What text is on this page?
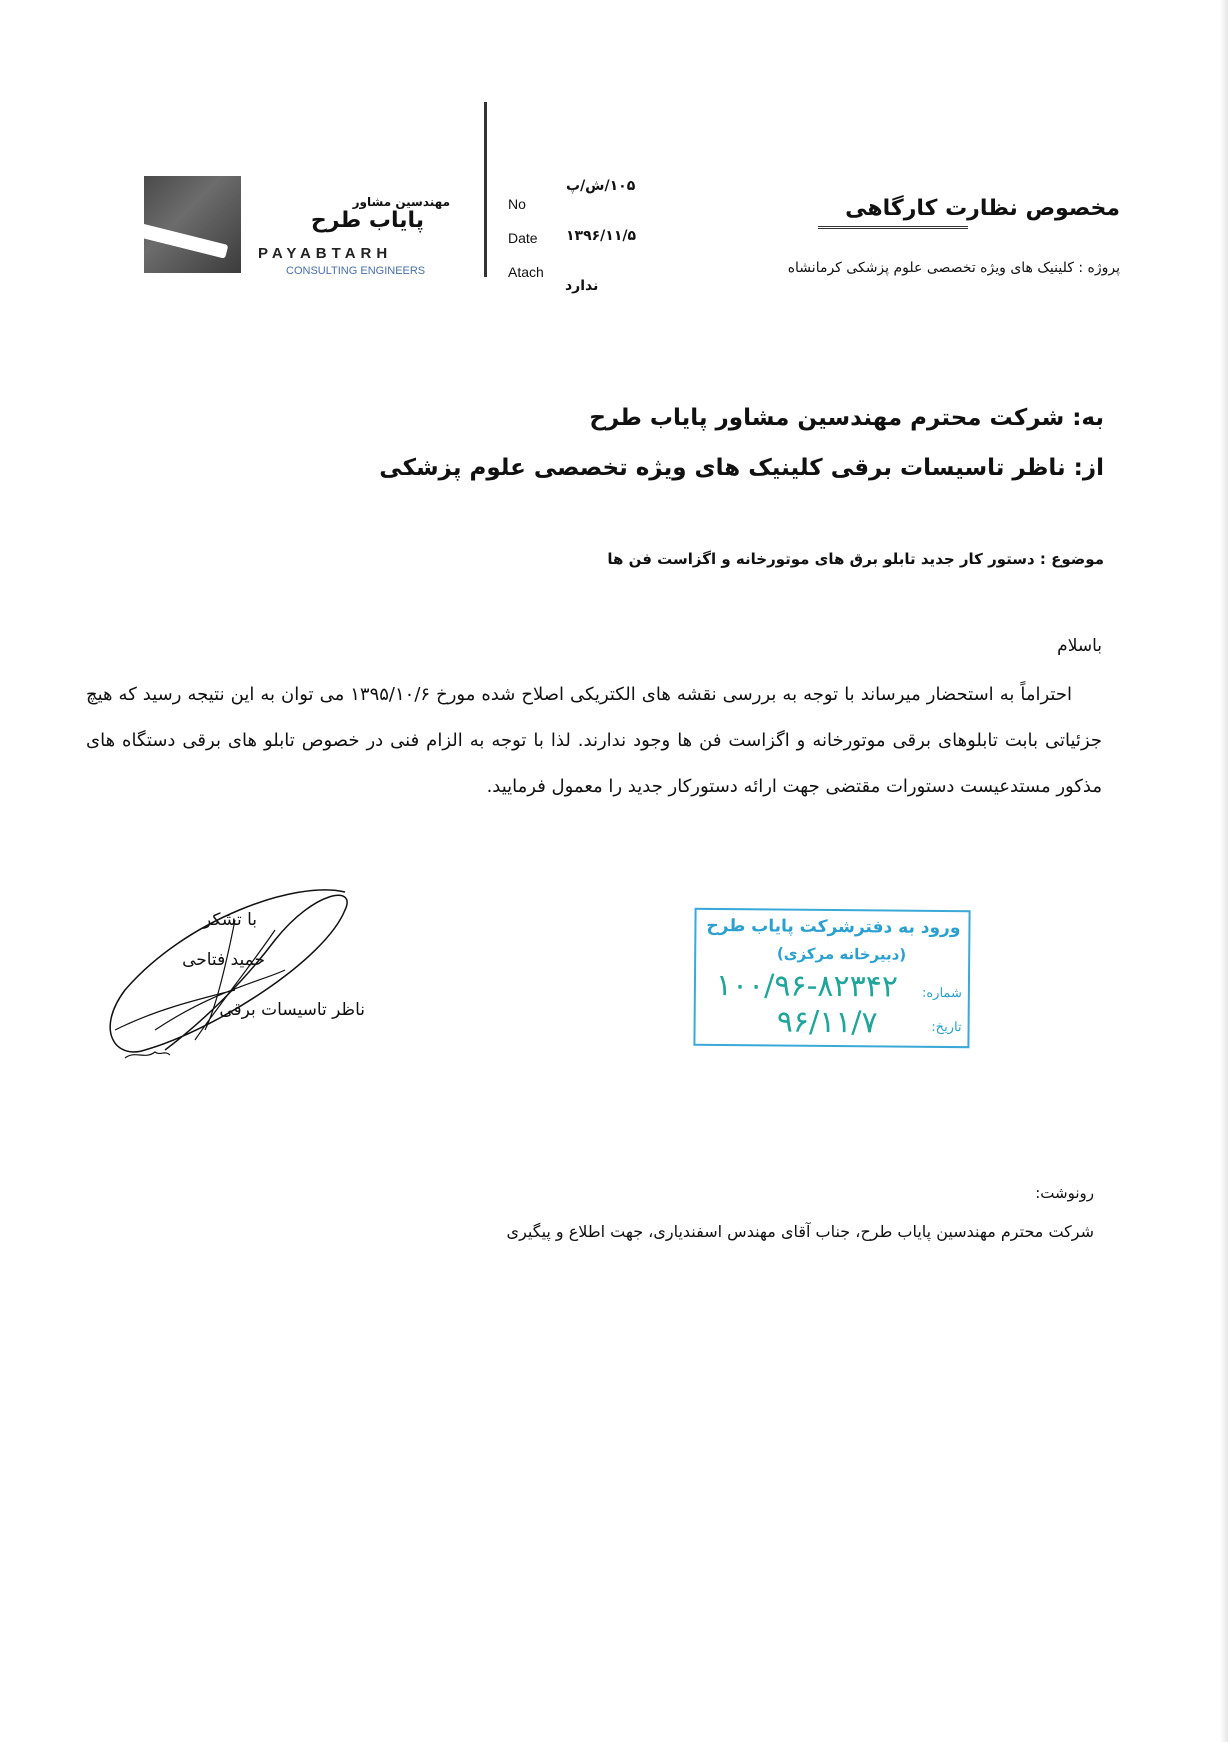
مهندسین مشاور
پایاب طرح
PAYABTARH
CONSULTING ENGINEERS
No
۱۰۵/ش/پ
Date ۱۳۹۶/۱۱/۵
Atach
ندارد
مخصوص نظارت کارگاهی
پروژه : کلینیک های ویژه تخصصی علوم پزشکی کرمانشاه
به: شرکت محترم مهندسین مشاور پایاب طرح
از: ناظر تاسیسات برقی کلینیک های ویژه تخصصی علوم پزشکی
موضوع : دستور کار جدید تابلو برق های موتورخانه و اگزاست فن ها
باسلام
احتراماً به استحضار میرساند با توجه به بررسی نقشه های الکتریکی اصلاح شده مورخ ۱۳۹۵/۱۰/۶ می توان به این نتیجه رسید که هیچ جزئیاتی بابت تابلوهای برقی موتورخانه و اگزاست فن ها وجود ندارند. لذا با توجه به الزام فنی در خصوص تابلو های برقی دستگاه های مذکور مستدعیست دستورات مقتضی جهت ارائه دستورکار جدید را معمول فرمایید.
با تشکر
حمید فتاحی
ناظر تاسیسات برقی
ورود به دفترشرکت پایاب طرح
(دبیرخانه مرکزی)
شماره:
۱۰۰/۹۶-۸۲۳۴۲
تاریخ:
۹۶/۱۱/۷
رونوشت:
شرکت محترم مهندسین پایاب طرح، جناب آقای مهندس اسفندیاری، جهت اطلاع و پیگیری
